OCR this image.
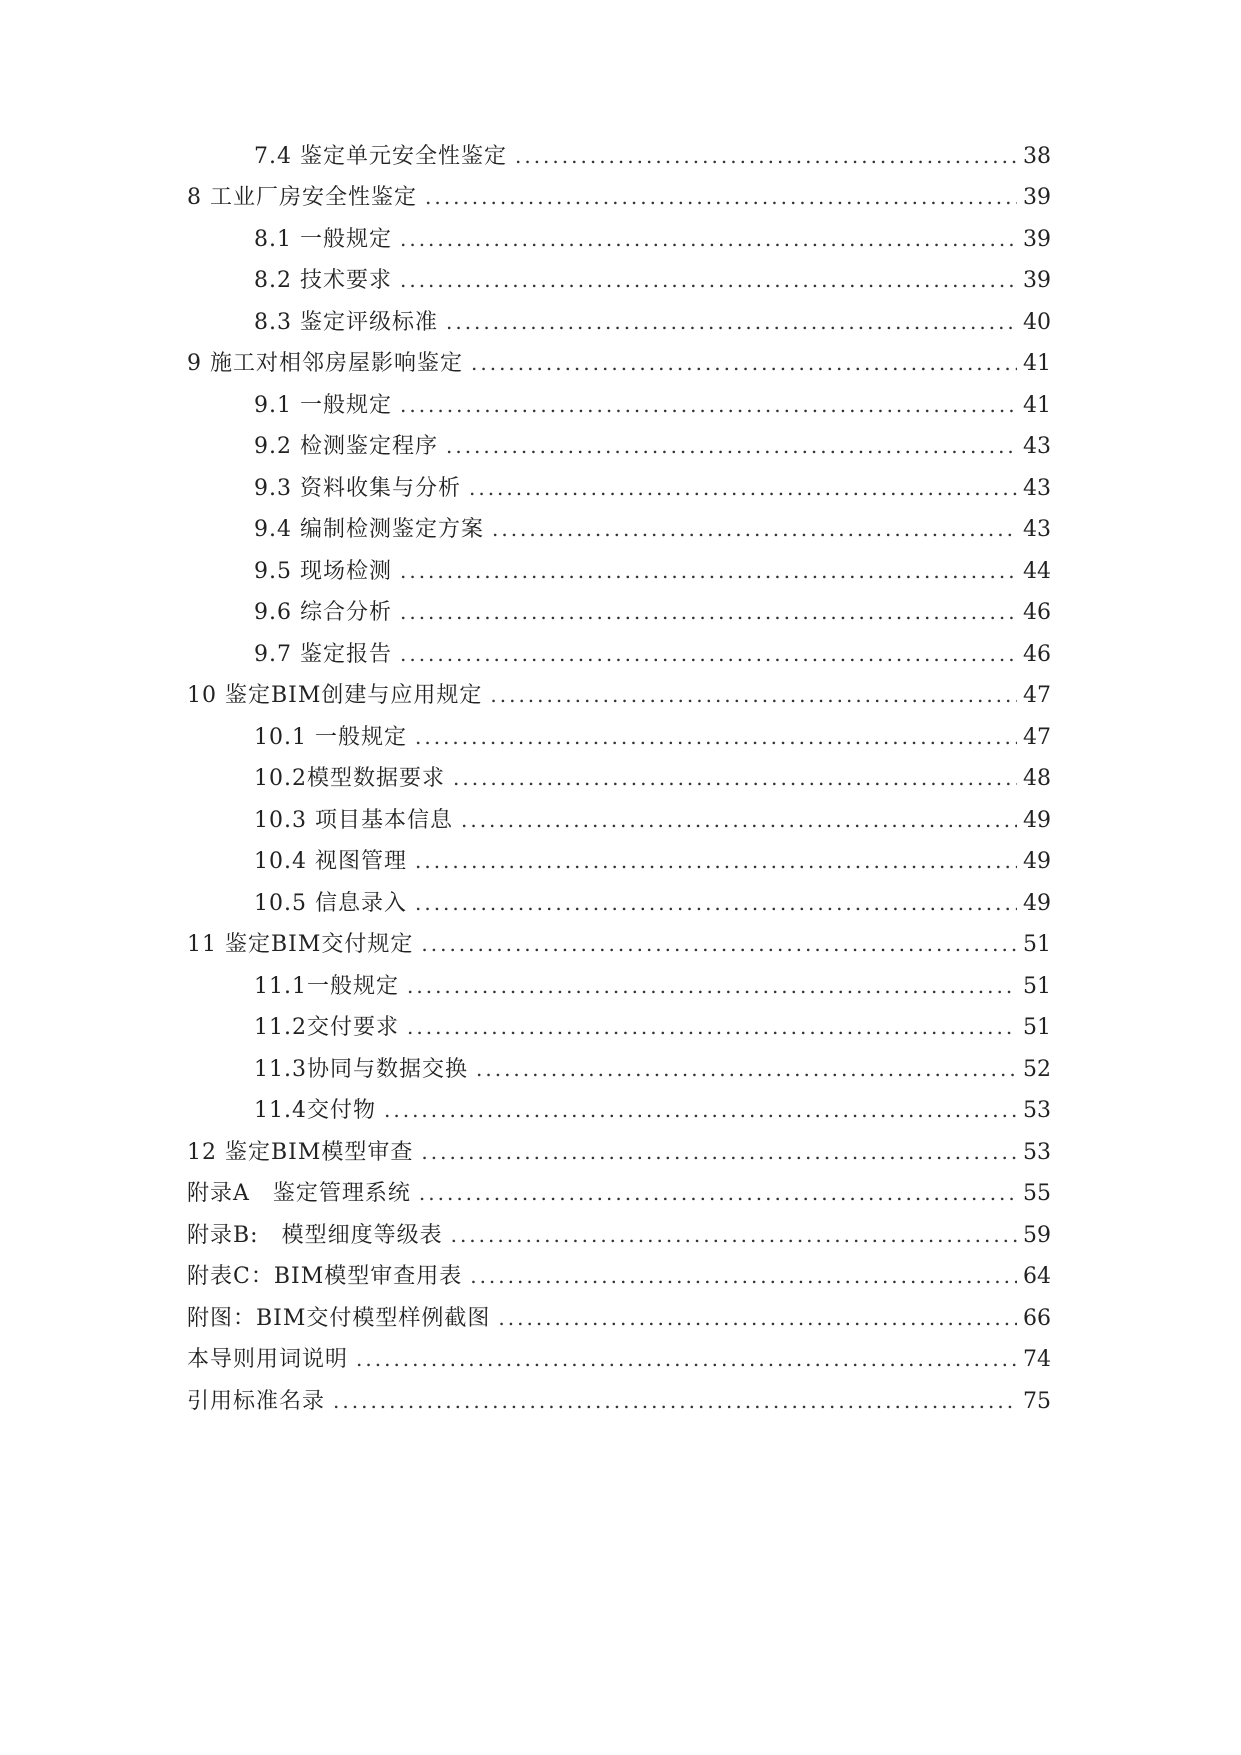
7.4 鉴定单元安全性鉴定 .....	38
8 工业厂房安全性鉴定 .....	39
8.1 一般规定 .....	39
8.2 技术要求 .....	39
8.3 鉴定评级标准 .....	40
9 施工对相邻房屋影响鉴定 .....	41
9.1 一般规定 .....	41
9.2 检测鉴定程序 .....	43
9.3 资料收集与分析 .....	43
9.4 编制检测鉴定方案 .....	43
9.5 现场检测 .....	44
9.6 综合分析 .....	46
9.7 鉴定报告 .....	46
10 鉴定BIM创建与应用规定 .....	47
10.1 一般规定 .....	47
10.2模型数据要求 .....	48
10.3 项目基本信息 .....	49
10.4 视图管理 .....	49
10.5 信息录入 .....	49
11 鉴定BIM交付规定 .....	51
11.1一般规定 .....	51
11.2交付要求 .....	51
11.3协同与数据交换 .....	52
11.4交付物 .....	53
12 鉴定BIM模型审查 .....	53
附录A　鉴定管理系统 .....	55
附录B:　模型细度等级表 .....	59
附表C：BIM模型审查用表 .....	64
附图：BIM交付模型样例截图 .....	66
本导则用词说明 .....	74
引用标准名录 .....	75
